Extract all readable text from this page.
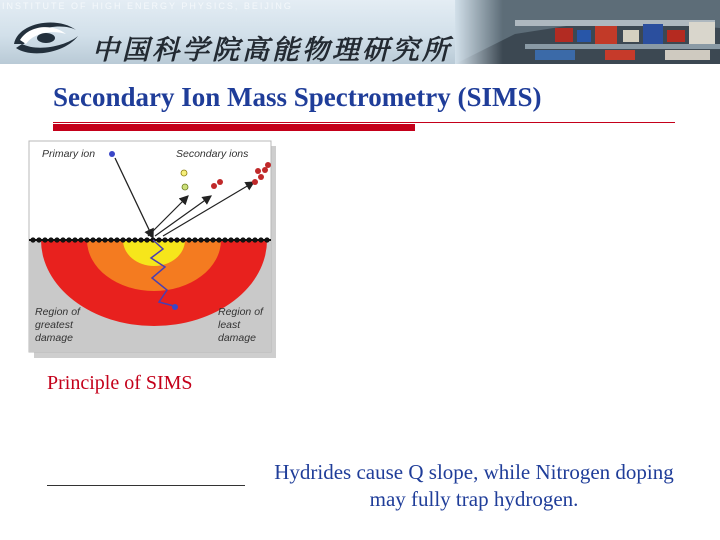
INSTITUTE OF HIGH ENERGY PHYSICS, BEIJING
中国科学院高能物理研究所
Secondary Ion Mass Spectrometry (SIMS)
Primary ion	Secondary ions
Region of greatest damage
Region of least damage
Principle of SIMS
Hydrides cause Q slope, while Nitrogen doping may fully trap hydrogen.
